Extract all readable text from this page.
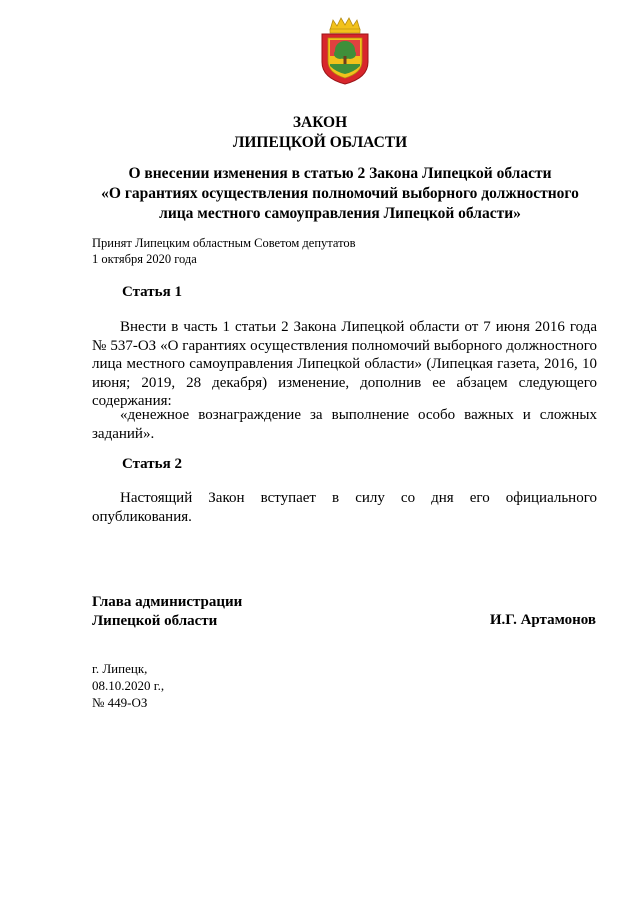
ЗАКОН
ЛИПЕЦКОЙ ОБЛАСТИ
О внесении изменения в статью 2 Закона Липецкой области
«О гарантиях осуществления полномочий выборного должностного
лица местного самоуправления Липецкой области»
Принят Липецким областным Советом депутатов
1 октября 2020 года
Статья 1

Внести в часть 1 статьи 2 Закона Липецкой области от 7 июня 2016 года № 537-ОЗ «О гарантиях осуществления полномочий выборного должностного лица местного самоуправления Липецкой области» (Липецкая газета, 2016, 10 июня; 2019, 28 декабря) изменение, дополнив ее абзацем следующего содержания:

«денежное вознаграждение за выполнение особо важных и сложных заданий».

Статья 2

Настоящий Закон вступает в силу со дня его официального опубликования.

Глава администрации
Липецкой области	И.Г. Артамонов
г. Липецк,
08.10.2020 г.,
№ 449-ОЗ
